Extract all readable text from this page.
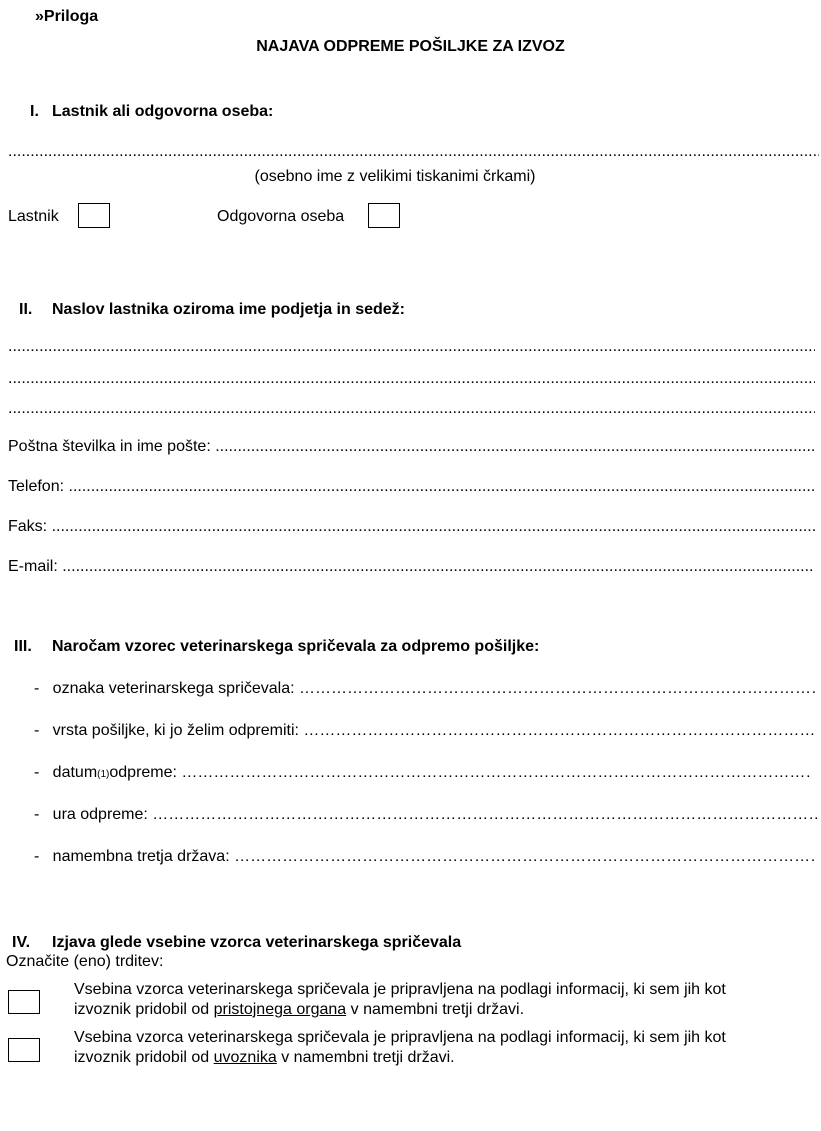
»Priloga
NAJAVA ODPREME POŠILJKE ZA IZVOZ
I. Lastnik ali odgovorna oseba:
.....
(osebno ime z velikimi tiskanimi črkami)
Lastnik	Odgovorna oseba
II. Naslov lastnika oziroma ime podjetja in sedež:
.....
.....
.....
Poštna številka in ime pošte:

.....
Telefon:

.....
Faks:

.....
E-mail:

.....
III. Naročam vzorec veterinarskega spričevala za odpremo pošiljke:
-
oznaka veterinarskega spričevala:

…………………………………………………………………………………………………………………………………………………………………………………………
-
vrsta pošiljke, ki jo želim odpremiti:

…………………………………………………………………………………………………………………………………………………………………………………………
-
datum (1) odpreme:

…………………………………………………………………………………………………………………………………………………………………………………………
-
ura odpreme:

…………………………………………………………………………………………………………………………………………………………………………………………
-
namembna tretja država:

…………………………………………………………………………………………………………………………………………………………………………………………
IV. Izjava glede vsebine vzorca veterinarskega spričevala
Označite (eno) trditev:
Vsebina vzorca veterinarskega spričevala je pripravljena na podlagi informacij, ki sem jih kot
izvoznik pridobil od pristojnega organa v namembni tretji državi.
Vsebina vzorca veterinarskega spričevala je pripravljena na podlagi informacij, ki sem jih kot
izvoznik pridobil od uvoznika v namembni tretji državi.
